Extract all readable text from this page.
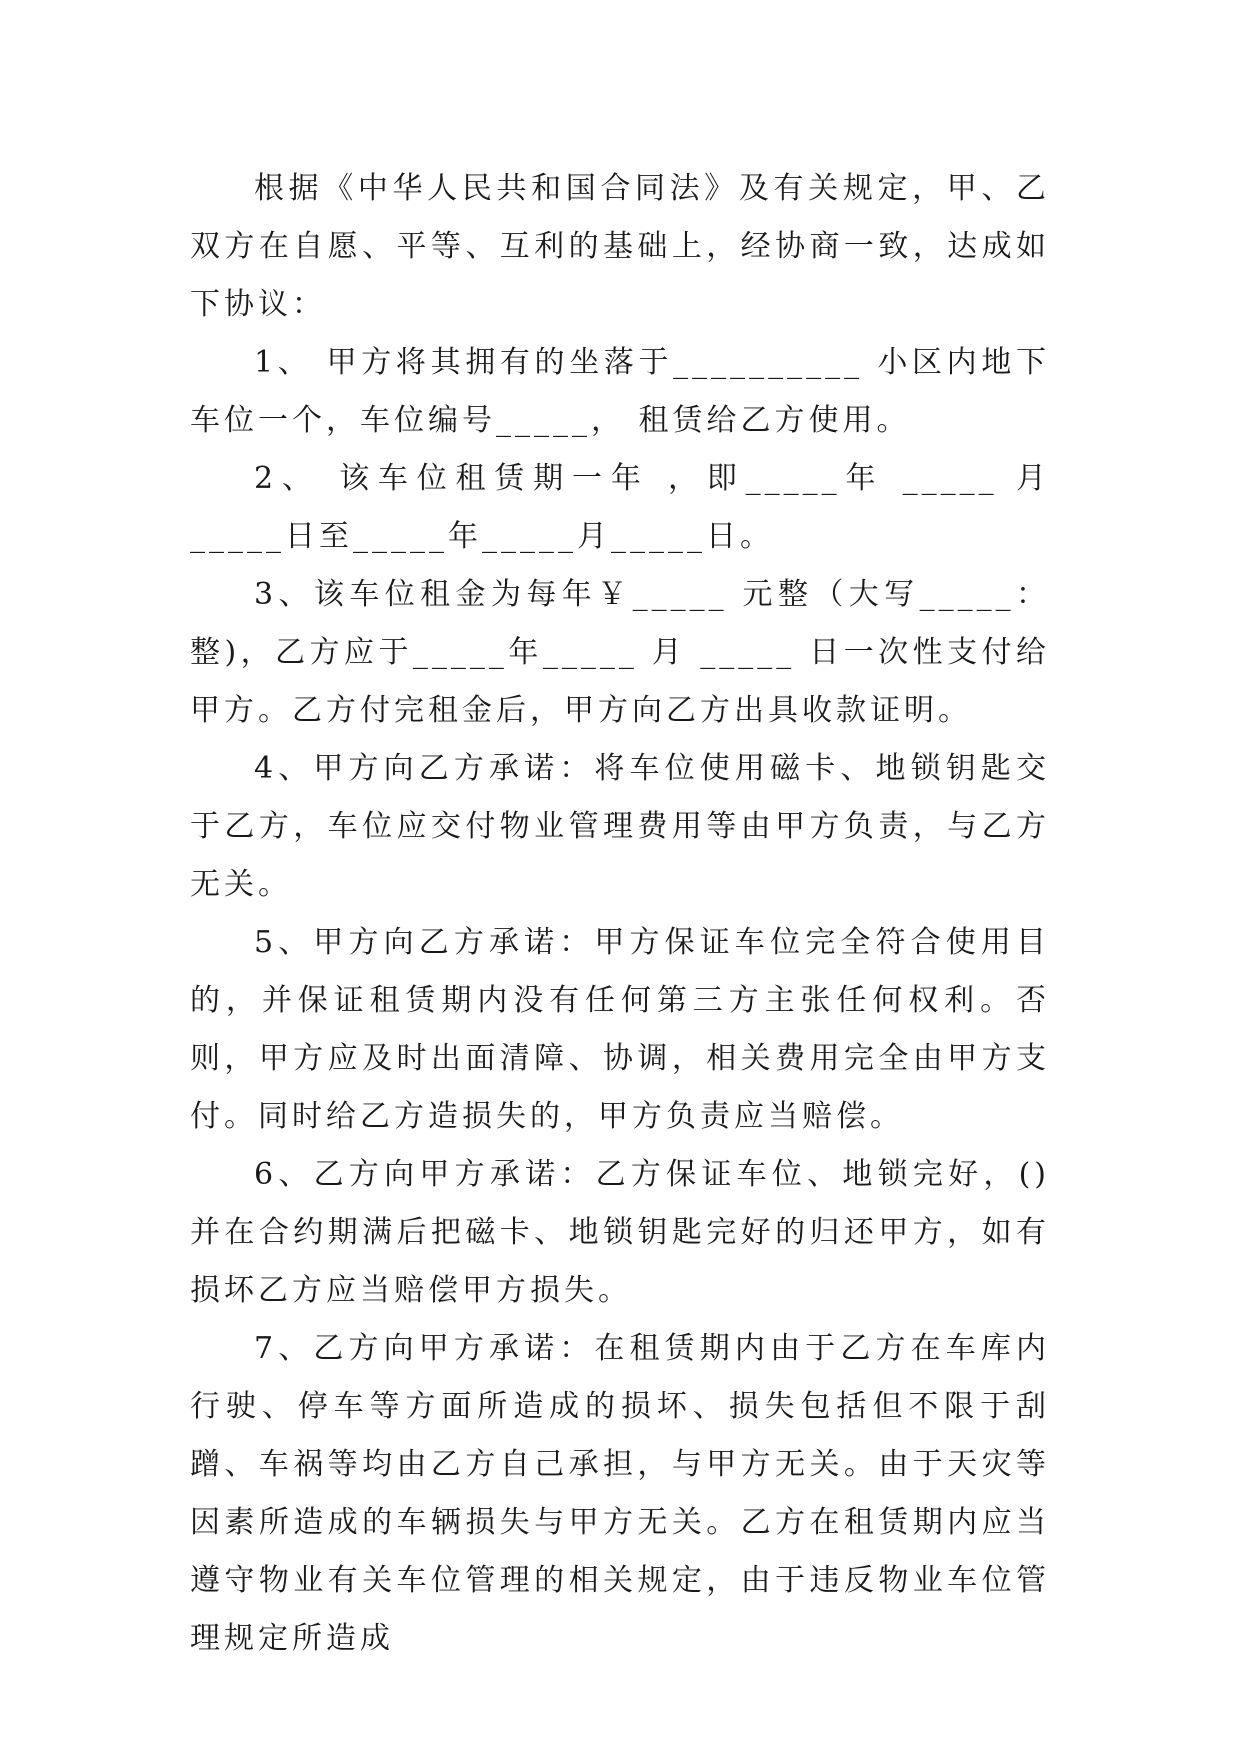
根据《中华人民共和国合同法》及有关规定，甲、乙双方在自愿、平等、互利的基础上，经协商一致，达成如下协议：

1、 甲方将其拥有的坐落于__________ 小区内地下车位一个，车位编号_____， 租赁给乙方使用。

2、 该车位租赁期一年 ，即_____年 _____ 月_____日至_____年_____月_____日。

3、该车位租金为每年￥_____ 元整（大写_____：整)，乙方应于_____年_____ 月 _____ 日一次性支付给甲方。乙方付完租金后，甲方向乙方出具收款证明。

4、甲方向乙方承诺：将车位使用磁卡、地锁钥匙交于乙方，车位应交付物业管理费用等由甲方负责，与乙方无关。

5、甲方向乙方承诺：甲方保证车位完全符合使用目的，并保证租赁期内没有任何第三方主张任何权利。否则，甲方应及时出面清障、协调，相关费用完全由甲方支付。同时给乙方造损失的，甲方负责应当赔偿。

6、乙方向甲方承诺：乙方保证车位、地锁完好，()并在合约期满后把磁卡、地锁钥匙完好的归还甲方，如有损坏乙方应当赔偿甲方损失。

7、乙方向甲方承诺：在租赁期内由于乙方在车库内行驶、停车等方面所造成的损坏、损失包括但不限于刮蹭、车祸等均由乙方自己承担，与甲方无关。由于天灾等因素所造成的车辆损失与甲方无关。乙方在租赁期内应当遵守物业有关车位管理的相关规定，由于违反物业车位管理规定所造成
